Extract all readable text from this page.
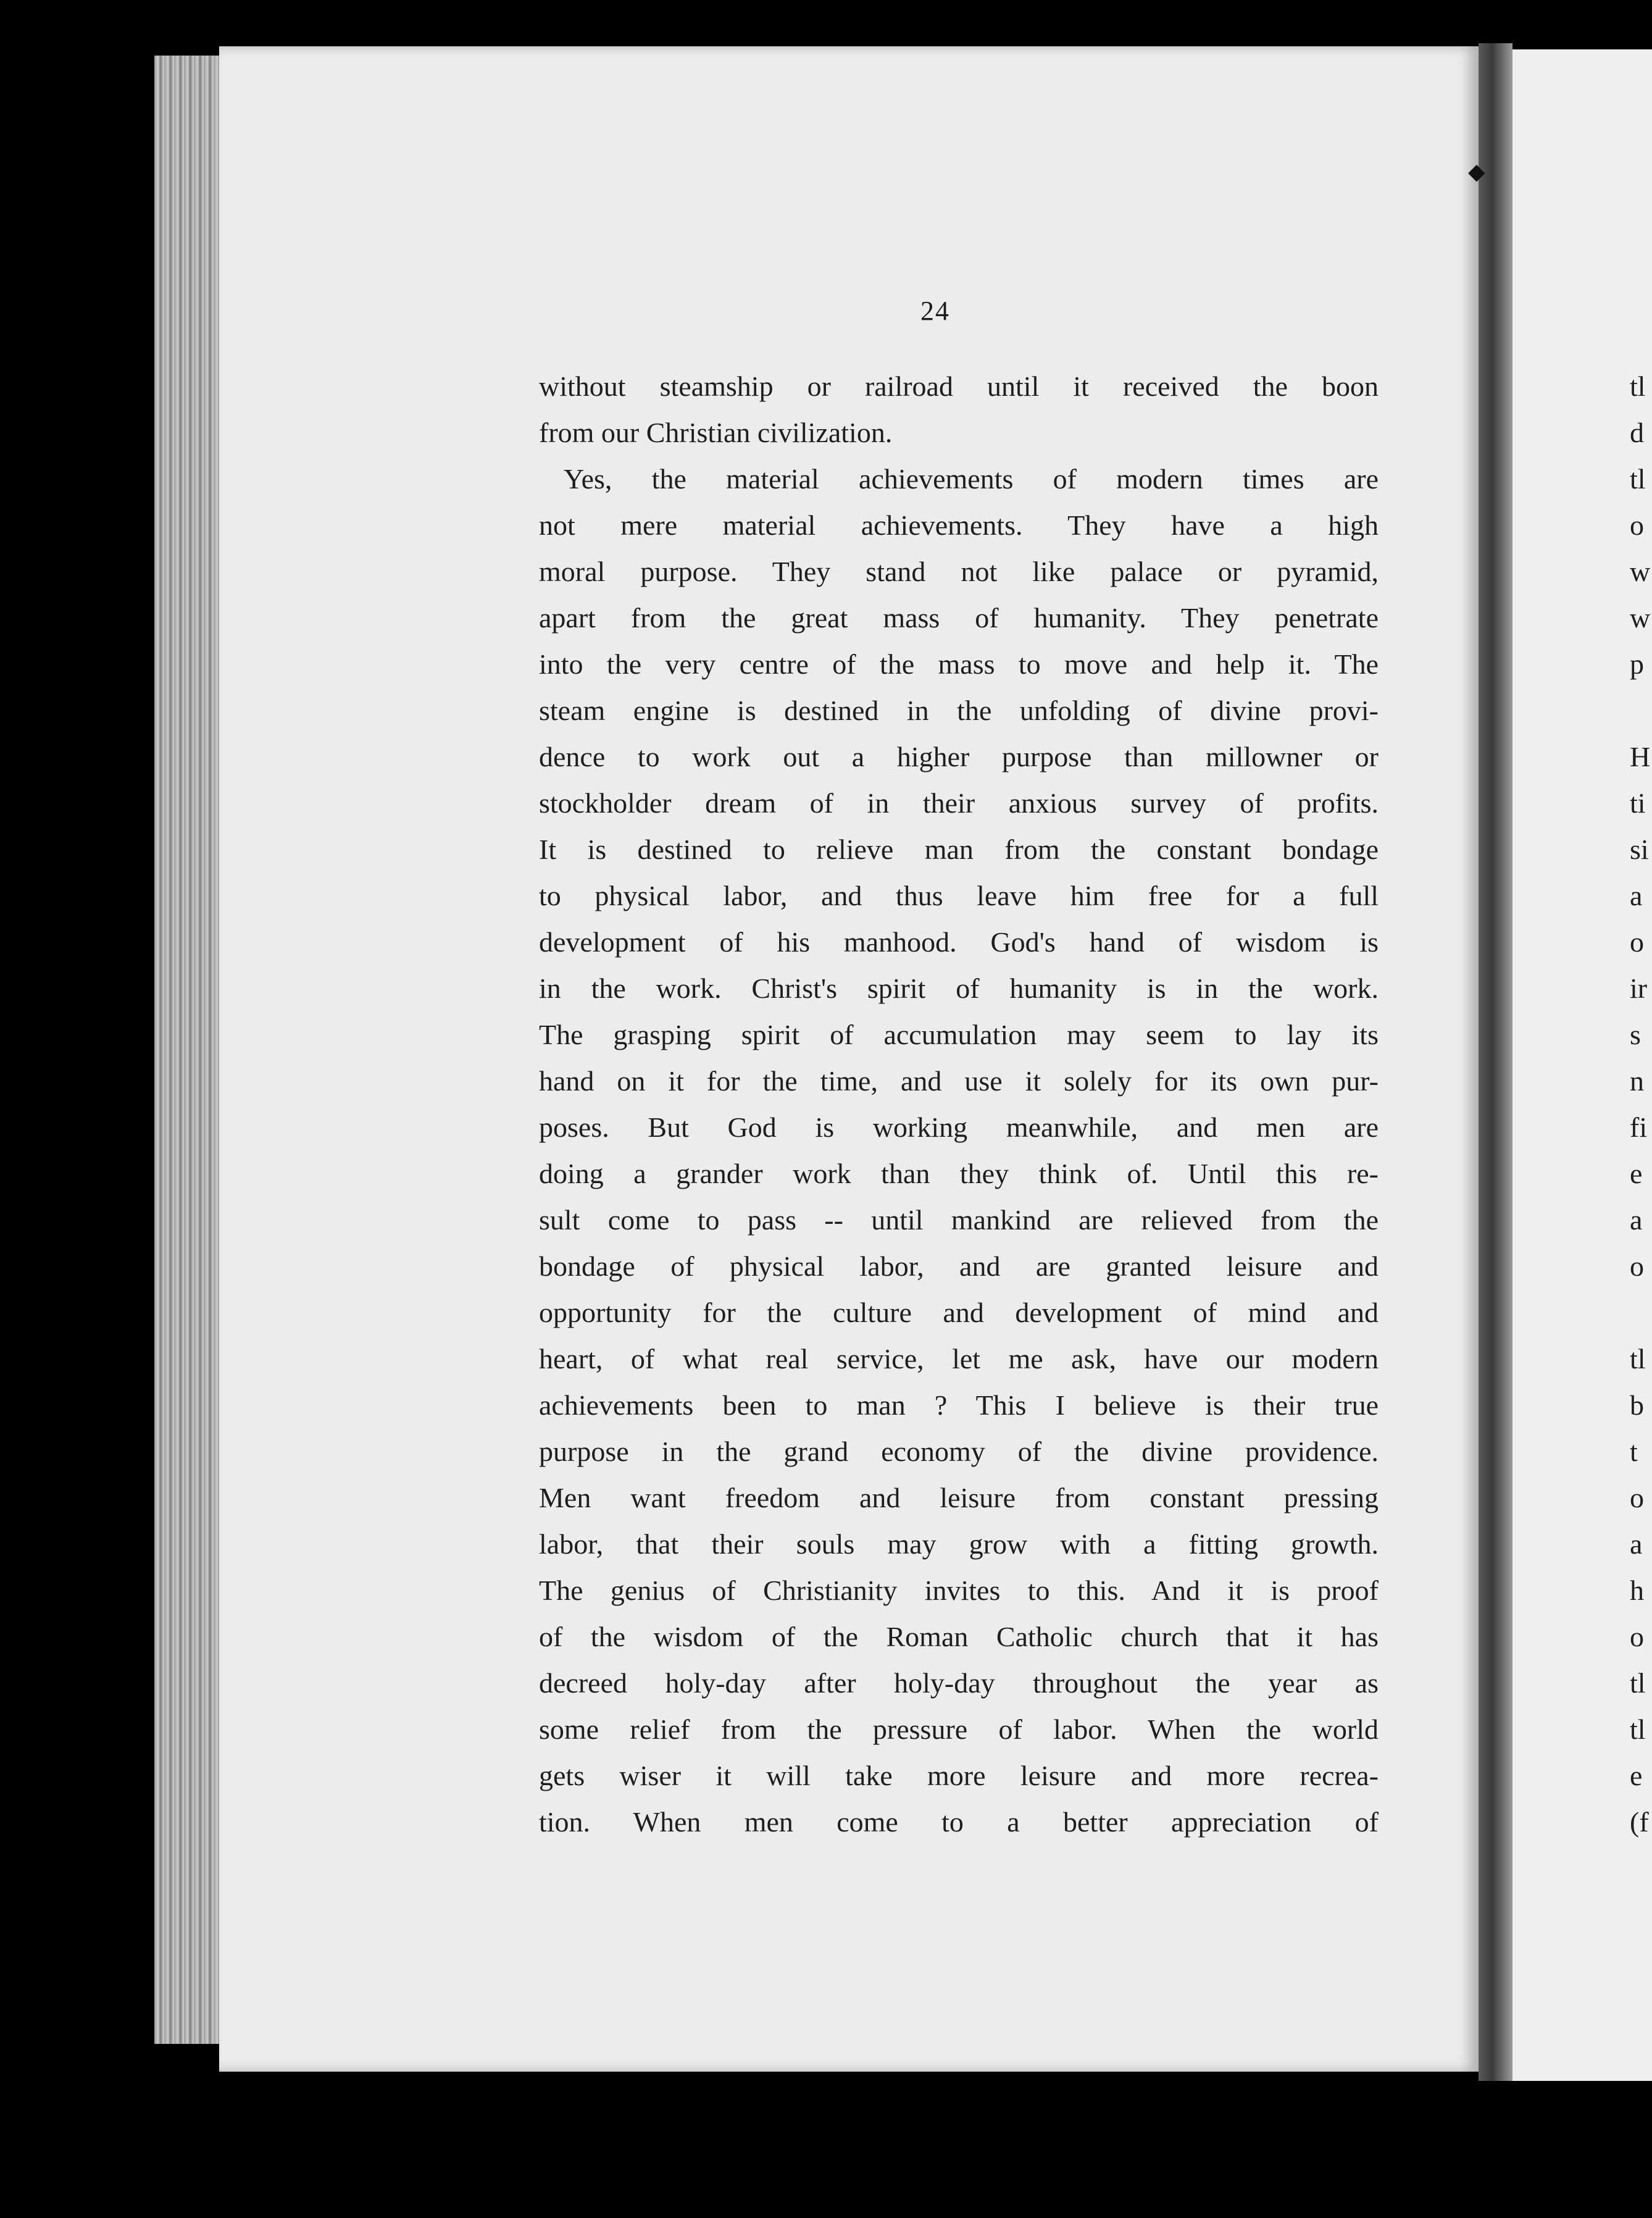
◆
24
without steamship or railroad until it received the boon
from our Christian civilization.
Yes, the material achievements of modern times are
not mere material achievements. They have a high
moral purpose. They stand not like palace or pyramid,
apart from the great mass of humanity. They penetrate
into the very centre of the mass to move and help it. The
steam engine is destined in the unfolding of divine provi-
dence to work out a higher purpose than millowner or
stockholder dream of in their anxious survey of profits.
It is destined to relieve man from the constant bondage
to physical labor, and thus leave him free for a full
development of his manhood. God's hand of wisdom is
in the work. Christ's spirit of humanity is in the work.
The grasping spirit of accumulation may seem to lay its
hand on it for the time, and use it solely for its own pur-
poses. But God is working meanwhile, and men are
doing a grander work than they think of. Until this re-
sult come to pass -- until mankind are relieved from the
bondage of physical labor, and are granted leisure and
opportunity for the culture and development of mind and
heart, of what real service, let me ask, have our modern
achievements been to man ? This I believe is their true
purpose in the grand economy of the divine providence.
Men want freedom and leisure from constant pressing
labor, that their souls may grow with a fitting growth.
The genius of Christianity invites to this. And it is proof
of the wisdom of the Roman Catholic church that it has
decreed holy-day after holy-day throughout the year as
some relief from the pressure of labor. When the world
gets wiser it will take more leisure and more recrea-
tion. When men come to a better appreciation of
tl
d
tl
o
w
w
p
H
ti
si
a
o
ir
s
n
fi
e
a
o
tl
b
t
o
a
h
o
tl
tl
e
(f
